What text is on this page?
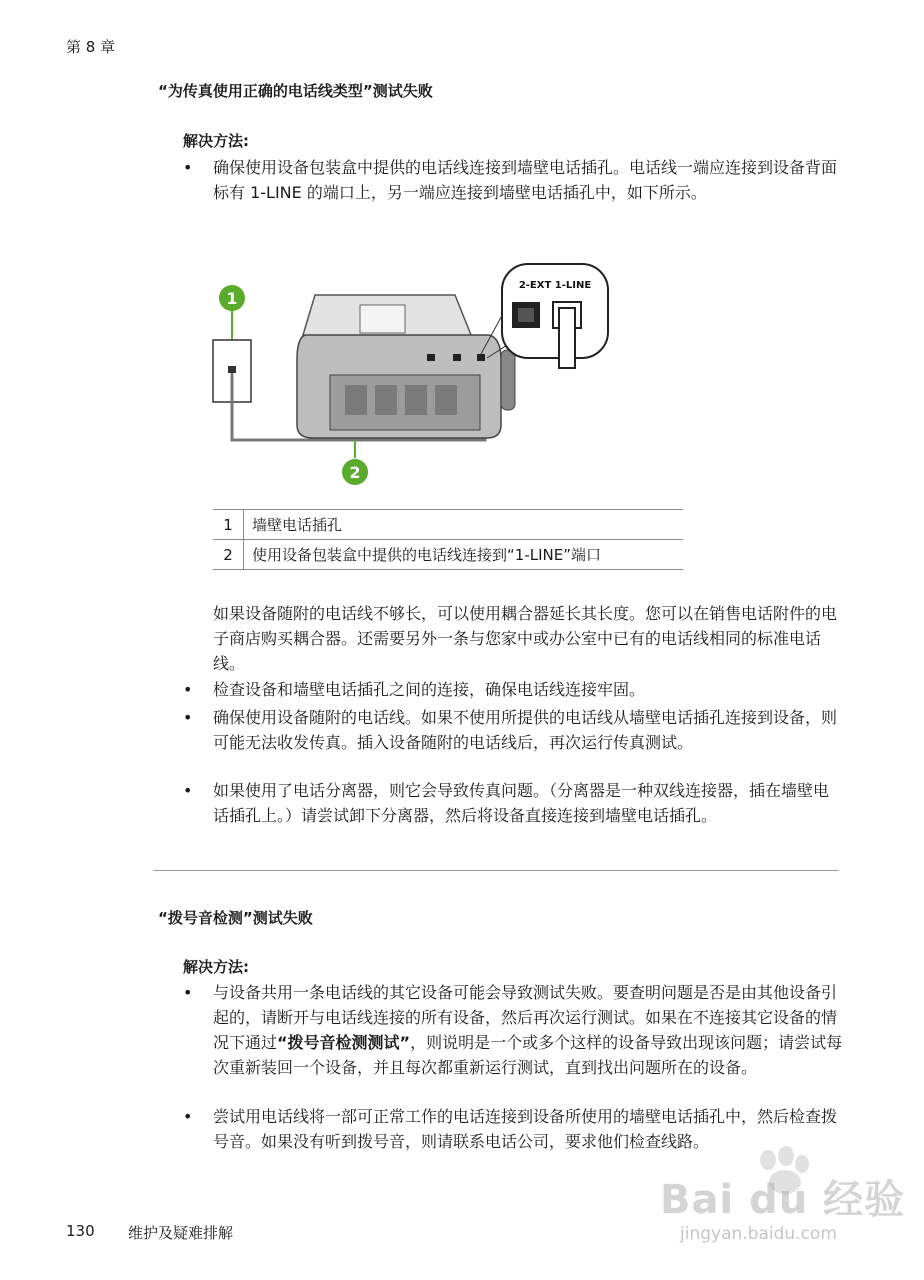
第 8 章
“为传真使用正确的电话线类型”测试失败
解决方法:
• 确保使用设备包装盒中提供的电话线连接到墙壁电话插孔。电话线一端应连接到设备背面标有 1-LINE 的端口上，另一端应连接到墙壁电话插孔中，如下所示。
1
2
2-EXT 1-LINE
1	墙壁电话插孔
2	使用设备包装盒中提供的电话线连接到“1-LINE”端口
如果设备随附的电话线不够长，可以使用耦合器延长其长度。您可以在销售电话附件的电子商店购买耦合器。还需要另外一条与您家中或办公室中已有的电话线相同的标准电话线。
• 检查设备和墙壁电话插孔之间的连接，确保电话线连接牢固。
• 确保使用设备随附的电话线。如果不使用所提供的电话线从墙壁电话插孔连接到设备，则可能无法收发传真。插入设备随附的电话线后，再次运行传真测试。
• 如果使用了电话分离器，则它会导致传真问题。（分离器是一种双线连接器，插在墙壁电话插孔上。）请尝试卸下分离器，然后将设备直接连接到墙壁电话插孔。
“拨号音检测”测试失败
解决方法:
• 与设备共用一条电话线的其它设备可能会导致测试失败。要查明问题是否是由其他设备引起的，请断开与电话线连接的所有设备，然后再次运行测试。如果在不连接其它设备的情况下通过“拨号音检测测试”，则说明是一个或多个这样的设备导致出现该问题；请尝试每次重新装回一个设备，并且每次都重新运行测试，直到找出问题所在的设备。
• 尝试用电话线将一部可正常工作的电话连接到设备所使用的墙壁电话插孔中，然后检查拨号音。如果没有听到拨号音，则请联系电话公司，要求他们检查线路。
Bai du 经验
jingyan.baidu.com
130 维护及疑难排解
